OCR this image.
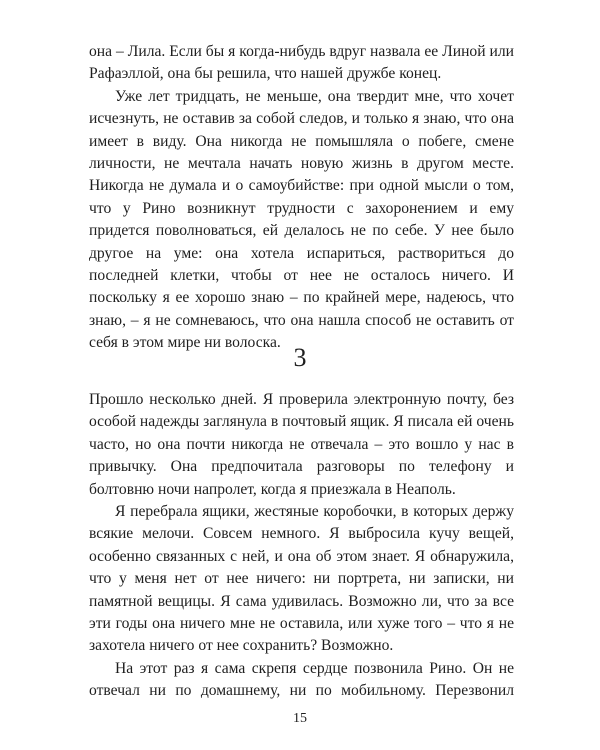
она – Лила. Если бы я когда-нибудь вдруг назвала ее Линой или Рафаэллой, она бы решила, что нашей дружбе конец.

Уже лет тридцать, не меньше, она твердит мне, что хочет исчезнуть, не оставив за собой следов, и только я знаю, что она имеет в виду. Она никогда не помышляла о побеге, смене личности, не мечтала начать новую жизнь в другом месте. Никогда не думала и о самоубийстве: при одной мысли о том, что у Рино возникнут трудности с захоронением и ему придется поволноваться, ей делалось не по себе. У нее было другое на уме: она хотела испариться, раствориться до последней клетки, чтобы от нее не осталось ничего. И поскольку я ее хорошо знаю – по крайней мере, надеюсь, что знаю, – я не сомневаюсь, что она нашла способ не оставить от себя в этом мире ни волоска.

3

Прошло несколько дней. Я проверила электронную почту, без особой надежды заглянула в почтовый ящик. Я писала ей очень часто, но она почти никогда не отвечала – это вошло у нас в привычку. Она предпочитала разговоры по телефону и болтовню ночи напролет, когда я приезжала в Неаполь.

Я перебрала ящики, жестяные коробочки, в которых держу всякие мелочи. Совсем немного. Я выбросила кучу вещей, особенно связанных с ней, и она об этом знает. Я обнаружила, что у меня нет от нее ничего: ни портрета, ни записки, ни памятной вещицы. Я сама удивилась. Возможно ли, что за все эти годы она ничего мне не оставила, или хуже того – что я не захотела ничего от нее сохранить? Возможно.

На этот раз я сама скрепя сердце позвонила Рино. Он не отвечал ни по домашнему, ни по мобильному. Перезвонил

15
